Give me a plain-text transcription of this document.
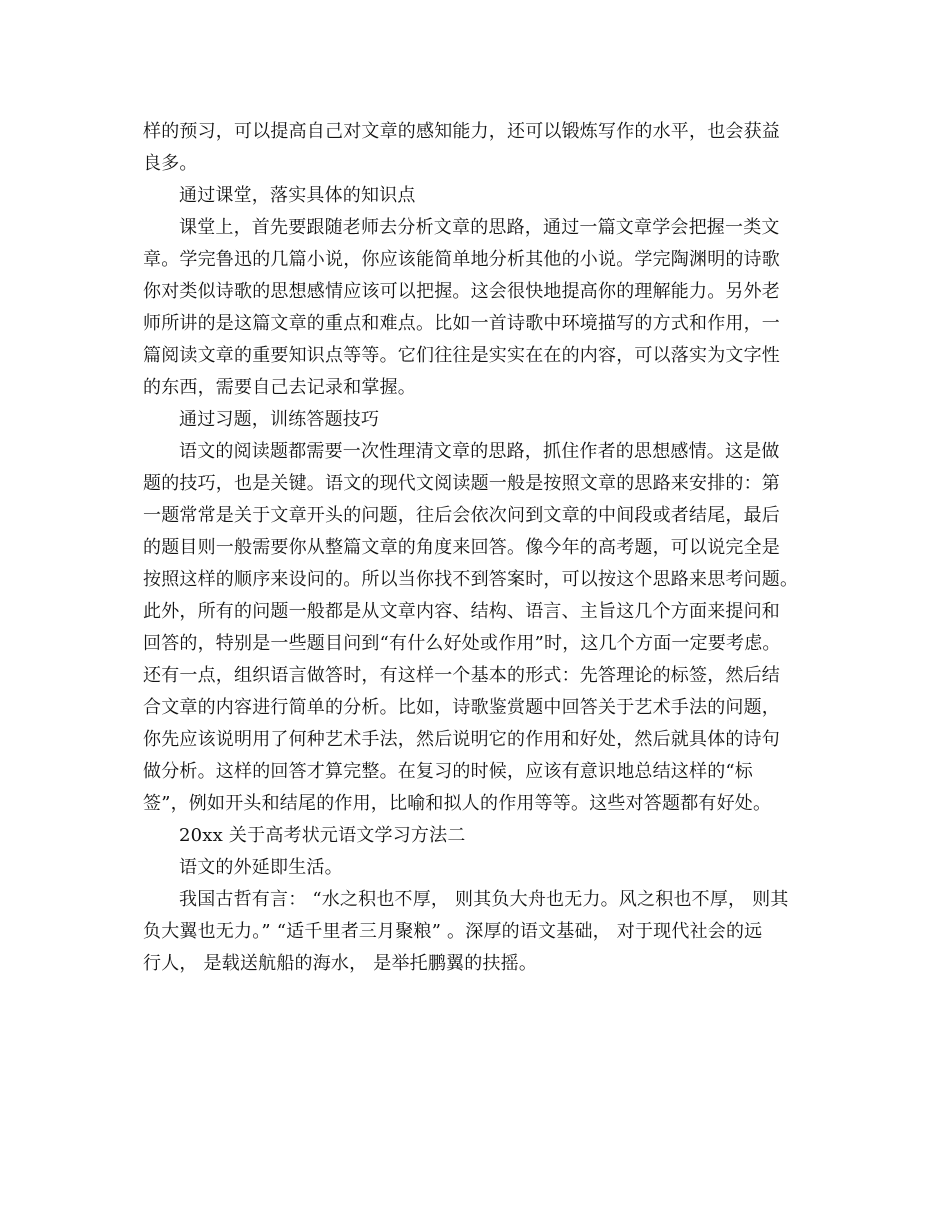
样的预习，可以提高自己对文章的感知能力，还可以锻炼写作的水平，也会获益
良多。
通过课堂，落实具体的知识点
课堂上，首先要跟随老师去分析文章的思路，通过一篇文章学会把握一类文
章。学完鲁迅的几篇小说，你应该能简单地分析其他的小说。学完陶渊明的诗歌
你对类似诗歌的思想感情应该可以把握。这会很快地提高你的理解能力。另外老
师所讲的是这篇文章的重点和难点。比如一首诗歌中环境描写的方式和作用，一
篇阅读文章的重要知识点等等。它们往往是实实在在的内容，可以落实为文字性
的东西，需要自己去记录和掌握。
通过习题，训练答题技巧
语文的阅读题都需要一次性理清文章的思路，抓住作者的思想感情。这是做
题的技巧，也是关键。语文的现代文阅读题一般是按照文章的思路来安排的：第
一题常常是关于文章开头的问题，往后会依次问到文章的中间段或者结尾，最后
的题目则一般需要你从整篇文章的角度来回答。像今年的高考题，可以说完全是
按照这样的顺序来设问的。所以当你找不到答案时，可以按这个思路来思考问题。
此外，所有的问题一般都是从文章内容、结构、语言、主旨这几个方面来提问和
回答的，特别是一些题目问到“有什么好处或作用”时，这几个方面一定要考虑。
还有一点，组织语言做答时，有这样一个基本的形式：先答理论的标签，然后结
合文章的内容进行简单的分析。比如，诗歌鉴赏题中回答关于艺术手法的问题，
你先应该说明用了何种艺术手法，然后说明它的作用和好处，然后就具体的诗句
做分析。这样的回答才算完整。在复习的时候，应该有意识地总结这样的“标
签”，例如开头和结尾的作用，比喻和拟人的作用等等。这些对答题都有好处。
20xx 关于高考状元语文学习方法二
语文的外延即生活。
我国古哲有言： “水之积也不厚， 则其负大舟也无力。风之积也不厚， 则其
负大翼也无力。” “适千里者三月聚粮” 。深厚的语文基础， 对于现代社会的远
行人， 是载送航船的海水， 是举托鹏翼的扶摇。
